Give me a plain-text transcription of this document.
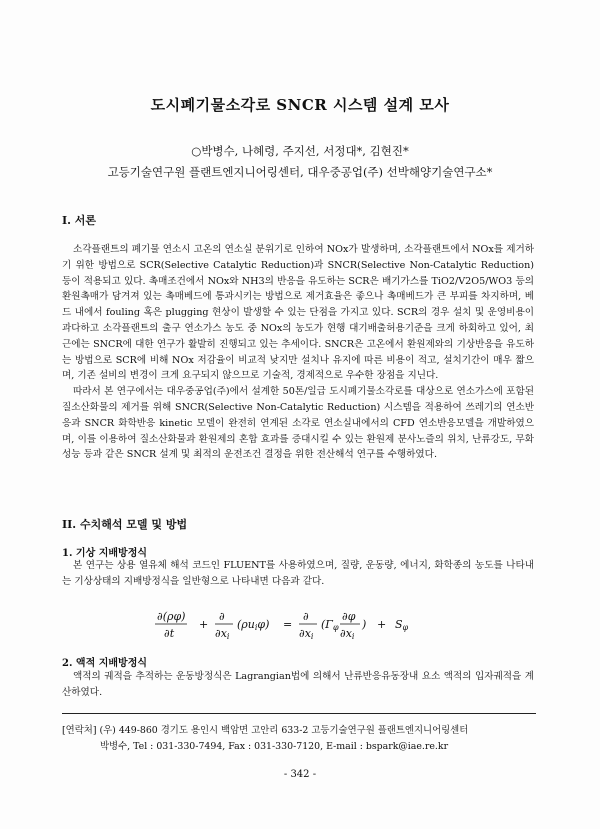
도시폐기물소각로 SNCR 시스템 설계 모사
○박병수, 나혜령, 주지선, 서정대*, 김현진*
고등기술연구원 플랜트엔지니어링센터, 대우중공업(주) 선박해양기술연구소*
I. 서론

소각플랜트의 폐기물 연소시 고온의 연소실 분위기로 인하여 NOx가 발생하며, 소각플랜트에서 NOx를 제거하기 위한 방법으로 SCR(Selective Catalytic Reduction)과 SNCR(Selective Non-Catalytic Reduction) 등이 적용되고 있다. 촉매조건에서 NOx와 NH3의 반응을 유도하는 SCR은 배기가스를 TiO2/V2O5/WO3 등의 환원촉매가 담겨져 있는 촉매베드에 통과시키는 방법으로 제거효율은 좋으나 촉매베드가 큰 부피를 차지하며, 베드 내에서 fouling 혹은 plugging 현상이 발생할 수 있는 단점을 가지고 있다. SCR의 경우 설치 및 운영비용이 과다하고 소각플랜트의 출구 연소가스 농도 중 NOx의 농도가 현행 대기배출허용기준을 크게 하회하고 있어, 최근에는 SNCR에 대한 연구가 활발히 진행되고 있는 추세이다. SNCR은 고온에서 환원제와의 기상반응을 유도하는 방법으로 SCR에 비해 NOx 저감율이 비교적 낮지만 설치나 유지에 따른 비용이 적고, 설치기간이 매우 짧으며, 기존 설비의 변경이 크게 요구되지 않으므로 기술적, 경제적으로 우수한 장점을 지닌다.

따라서 본 연구에서는 대우중공업(주)에서 설계한 50톤/일급 도시폐기물소각로를 대상으로 연소가스에 포함된 질소산화물의 제거를 위해 SNCR(Selective Non-Catalytic Reduction) 시스템을 적용하여 쓰레기의 연소반응과 SNCR 화학반응 kinetic 모델이 완전히 연계된 소각로 연소실내에서의 CFD 연소반응모델을 개발하였으며, 이를 이용하여 질소산화물과 환원제의 혼합 효과를 증대시킬 수 있는 환원제 분사노즐의 위치, 난류강도, 무화성능 등과 같은 SNCR 설계 및 최적의 운전조건 결정을 위한 전산해석 연구를 수행하였다.

II. 수치해석 모델 및 방법
1. 기상 지배방정식

본 연구는 상용 열유체 해석 코드인 FLUENT를 사용하였으며, 질량, 운동량, 에너지, 화학종의 농도를 나타내는 기상상태의 지배방정식을 일반형으로 나타내면 다음과 같다.

∂(ρφ)
∂t
+
∂
∂xi
(ρuiφ) =
∂
∂xi
(Γφ
∂φ
∂xi
) + Sφ
2. 액적 지배방정식

액적의 궤적을 추적하는 운동방정식은 Lagrangian법에 의해서 난류반응유동장내 요소 액적의 입자궤적을 계산하였다.

[연락처] (우) 449-860 경기도 용인시 백암면 고안리 633-2 고등기술연구원 플랜트엔지니어링센터
박병수, Tel : 031-330-7494, Fax : 031-330-7120, E-mail : bspark@iae.re.kr
- 342 -
